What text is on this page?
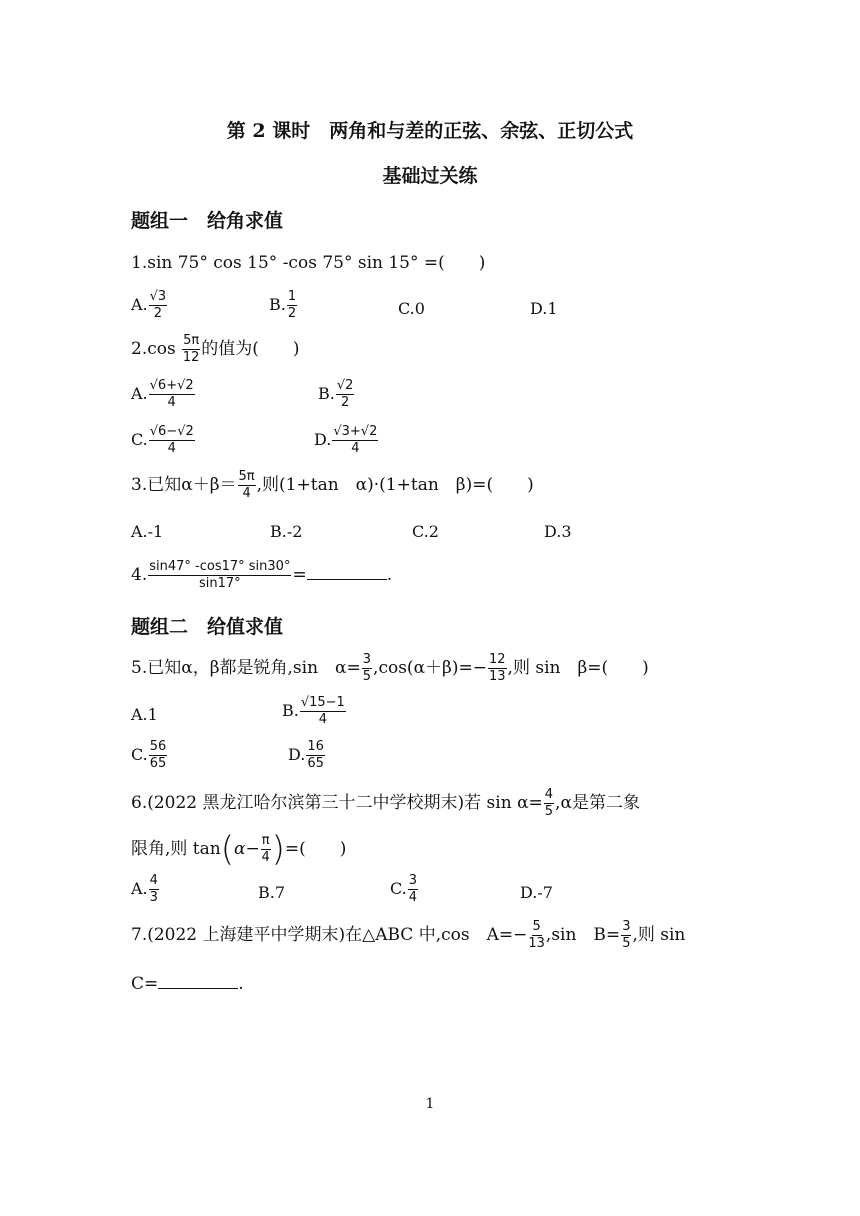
第 2 课时　两角和与差的正弦、余弦、正切公式
基础过关练
题组一　给角求值
1.sin 75° cos 15° -cos 75° sin 15° =(　　)
A. $\frac{√3}{2}$	B. $\frac{1}{2}$	C.0	D.1
$2.\cos \frac{5\pi}{12}$ 的值为(　　)
A. $\frac{√6+√2}{4}$	B. $\frac{√2}{2}$
C. $\frac{√6-√2}{4}$	D. $\frac{√3+√2}{4}$
3.已知$\alpha+\beta= \frac{5\pi}{4}$ ,则(1+tan　α)·(1+tan　β)=(　　)
A.-1	B.-2	C.2	D.3
4. $\frac{\sin 47^\circ -\cos 17^\circ \sin 30^\circ}{\sin 17^\circ}$ =	.
题组二　给值求值
5.已知α，β都是锐角,sin　$\alpha= \frac{3}{5} ,\cos(\alpha+\beta)=- \frac{12}{13}$ ,则 sin　β=(　　)
A.1	B. $\frac{√15-1}{4}$
C. $\frac{56}{65}$	D. $\frac{16}{65}$
6.(2022 黑龙江哈尔滨第三十二中学校期末)若 $\sin \alpha= \frac{4}{5} ,\alpha$是第二象
限角,则 $\tan(\alpha- \frac{\pi}{4}$ )=(　　)
A. $\frac{4}{3}$	B.7	C. $\frac{3}{4}$	D.-7
7.(2022 上海建平中学期末)在△ABC 中,cos　$A=- \frac{5}{13} ,\sin$　$B= \frac{3}{5}$ ,则 sin
C=	.
1
